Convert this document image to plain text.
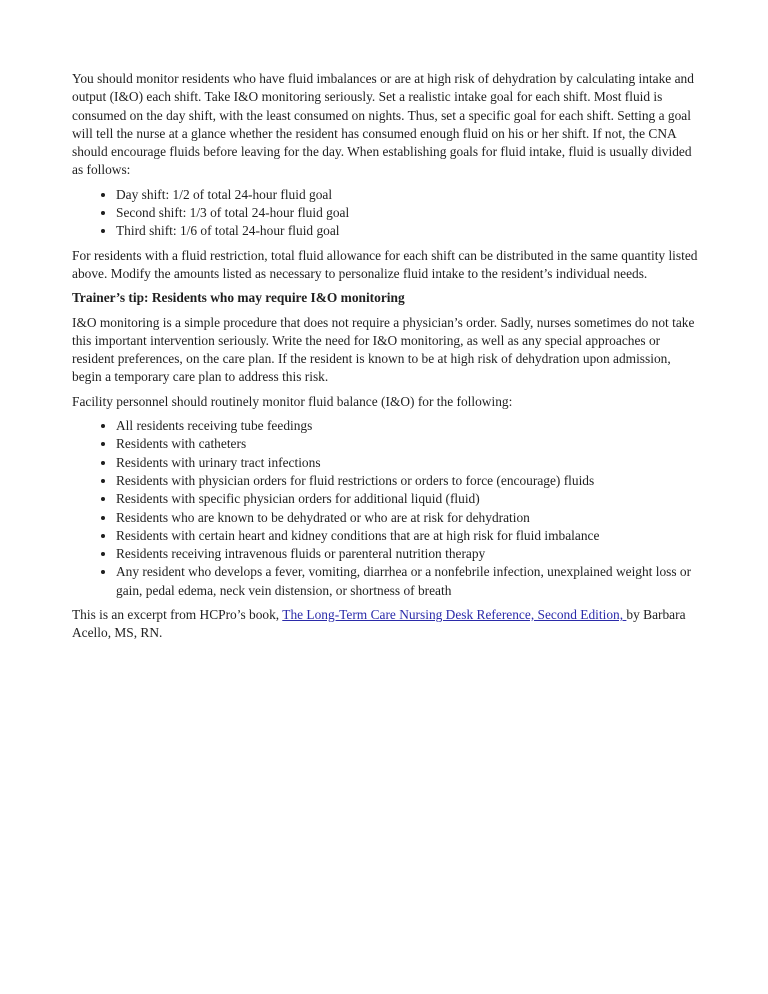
You should monitor residents who have fluid imbalances or are at high risk of dehydration by calculating intake and output (I&O) each shift. Take I&O monitoring seriously. Set a realistic intake goal for each shift. Most fluid is consumed on the day shift, with the least consumed on nights. Thus, set a specific goal for each shift. Setting a goal will tell the nurse at a glance whether the resident has consumed enough fluid on his or her shift. If not, the CNA should encourage fluids before leaving for the day. When establishing goals for fluid intake, fluid is usually divided as follows:

• Day shift: 1/2 of total 24-hour fluid goal
• Second shift: 1/3 of total 24-hour fluid goal
• Third shift: 1/6 of total 24-hour fluid goal

For residents with a fluid restriction, total fluid allowance for each shift can be distributed in the same quantity listed above. Modify the amounts listed as necessary to personalize fluid intake to the resident’s individual needs.

Trainer’s tip: Residents who may require I&O monitoring

I&O monitoring is a simple procedure that does not require a physician’s order. Sadly, nurses sometimes do not take this important intervention seriously. Write the need for I&O monitoring, as well as any special approaches or resident preferences, on the care plan. If the resident is known to be at high risk of dehydration upon admission, begin a temporary care plan to address this risk.

Facility personnel should routinely monitor fluid balance (I&O) for the following:

• All residents receiving tube feedings
• Residents with catheters
• Residents with urinary tract infections
• Residents with physician orders for fluid restrictions or orders to force (encourage) fluids
• Residents with specific physician orders for additional liquid (fluid)
• Residents who are known to be dehydrated or who are at risk for dehydration
• Residents with certain heart and kidney conditions that are at high risk for fluid imbalance
• Residents receiving intravenous fluids or parenteral nutrition therapy
• Any resident who develops a fever, vomiting, diarrhea or a nonfebrile infection, unexplained weight loss or gain, pedal edema, neck vein distension, or shortness of breath

This is an excerpt from HCPro’s book, The Long-Term Care Nursing Desk Reference, Second Edition, by Barbara Acello, MS, RN.
